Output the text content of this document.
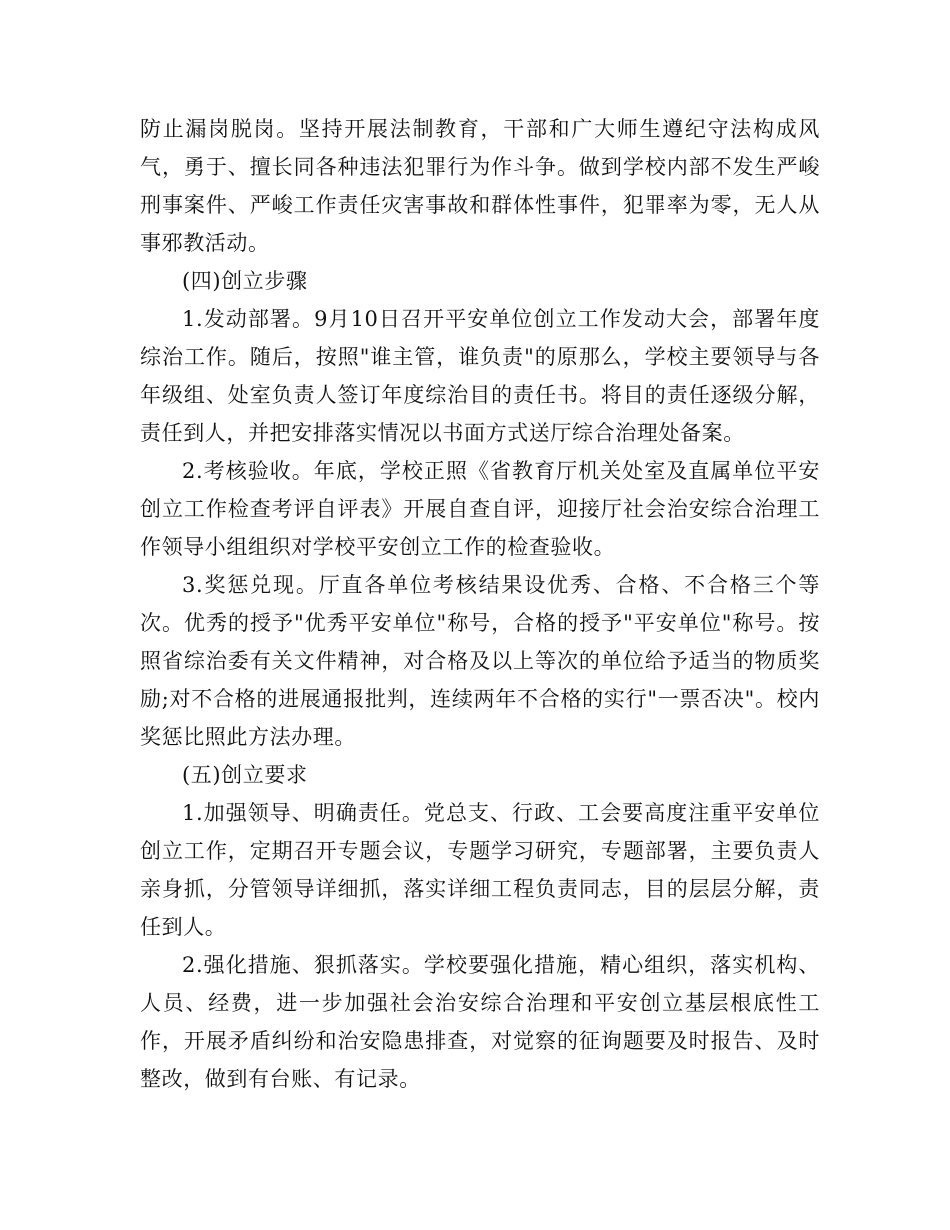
防止漏岗脱岗。坚持开展法制教育，干部和广大师生遵纪守法构成风气，勇于、擅长同各种违法犯罪行为作斗争。做到学校内部不发生严峻刑事案件、严峻工作责任灾害事故和群体性事件，犯罪率为零，无人从事邪教活动。

(四)创立步骤

1.发动部署。9月10日召开平安单位创立工作发动大会，部署年度综治工作。随后，按照"谁主管，谁负责"的原那么，学校主要领导与各年级组、处室负责人签订年度综治目的责任书。将目的责任逐级分解，责任到人，并把安排落实情况以书面方式送厅综合治理处备案。

2.考核验收。年底，学校正照《省教育厅机关处室及直属单位平安创立工作检查考评自评表》开展自查自评，迎接厅社会治安综合治理工作领导小组组织对学校平安创立工作的检查验收。

3.奖惩兑现。厅直各单位考核结果设优秀、合格、不合格三个等次。优秀的授予"优秀平安单位"称号，合格的授予"平安单位"称号。按照省综治委有关文件精神，对合格及以上等次的单位给予适当的物质奖励;对不合格的进展通报批判，连续两年不合格的实行"一票否决"。校内奖惩比照此方法办理。

(五)创立要求

1.加强领导、明确责任。党总支、行政、工会要高度注重平安单位创立工作，定期召开专题会议，专题学习研究，专题部署，主要负责人亲身抓，分管领导详细抓，落实详细工程负责同志，目的层层分解，责任到人。

2.强化措施、狠抓落实。学校要强化措施，精心组织，落实机构、人员、经费，进一步加强社会治安综合治理和平安创立基层根底性工作，开展矛盾纠纷和治安隐患排查，对觉察的征询题要及时报告、及时整改，做到有台账、有记录。
